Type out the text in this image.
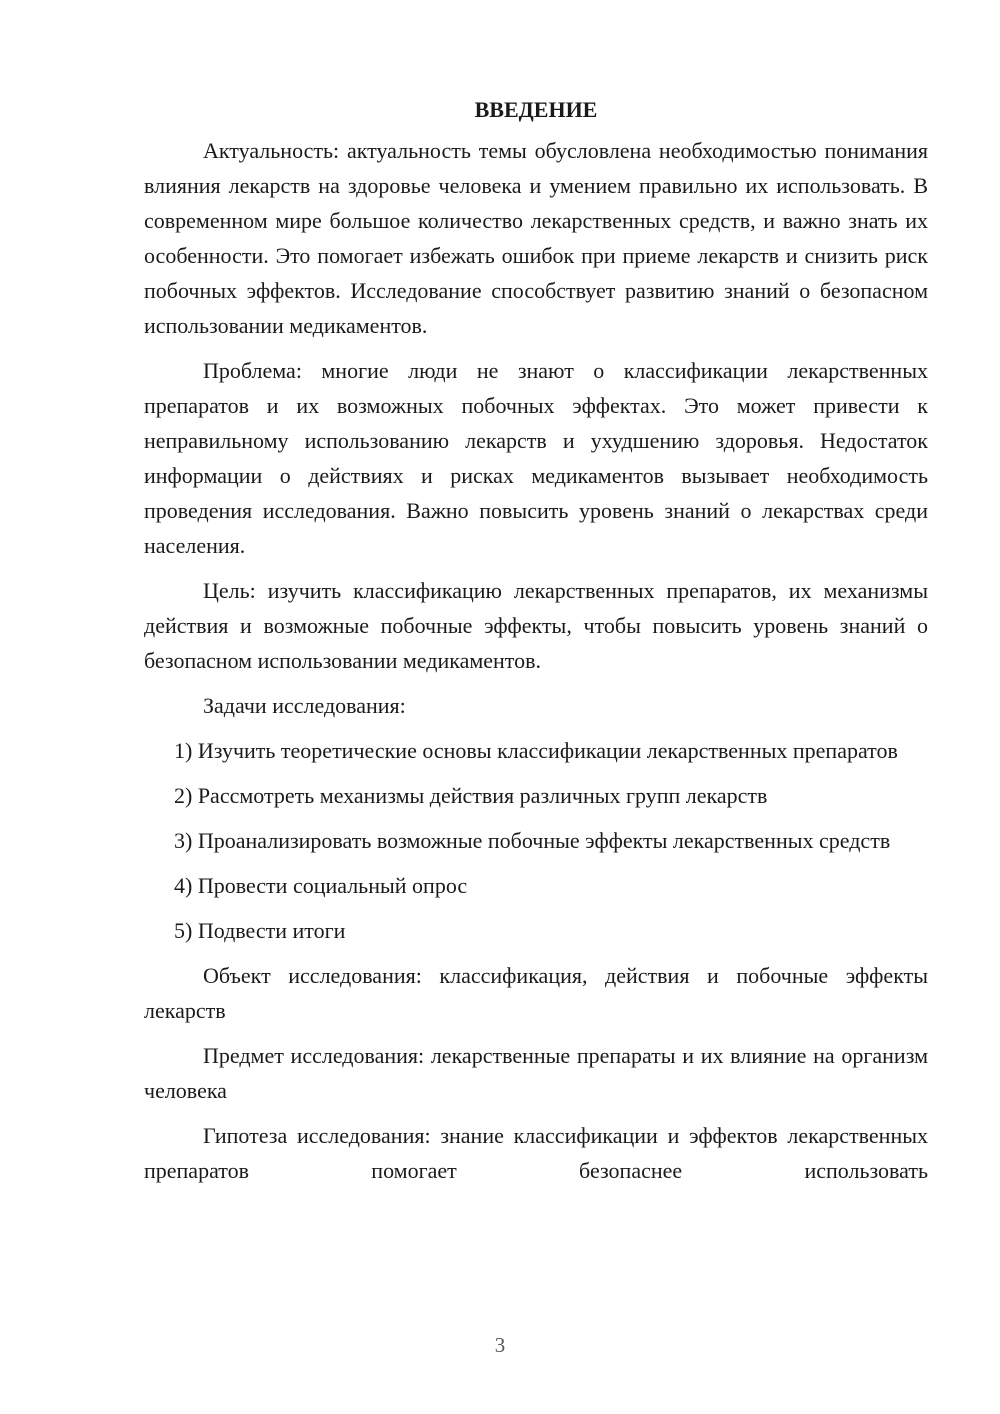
ВВЕДЕНИЕ

Актуальность: актуальность темы обусловлена необходимостью понимания влияния лекарств на здоровье человека и умением правильно их использовать. В современном мире большое количество лекарственных средств, и важно знать их особенности. Это помогает избежать ошибок при приеме лекарств и снизить риск побочных эффектов. Исследование способствует развитию знаний о безопасном использовании медикаментов.

Проблема: многие люди не знают о классификации лекарственных препаратов и их возможных побочных эффектах. Это может привести к неправильному использованию лекарств и ухудшению здоровья. Недостаток информации о действиях и рисках медикаментов вызывает необходимость проведения исследования. Важно повысить уровень знаний о лекарствах среди населения.

Цель: изучить классификацию лекарственных препаратов, их механизмы действия и возможные побочные эффекты, чтобы повысить уровень знаний о безопасном использовании медикаментов.

Задачи исследования:

1) Изучить теоретические основы классификации лекарственных препаратов

2) Рассмотреть механизмы действия различных групп лекарств

3) Проанализировать возможные побочные эффекты лекарственных средств

4) Провести социальный опрос

5) Подвести итоги

Объект исследования: классификация, действия и побочные эффекты лекарств

Предмет исследования: лекарственные препараты и их влияние на организм человека

Гипотеза исследования: знание классификации и эффектов лекарственных препаратов помогает безопаснее использовать

3
